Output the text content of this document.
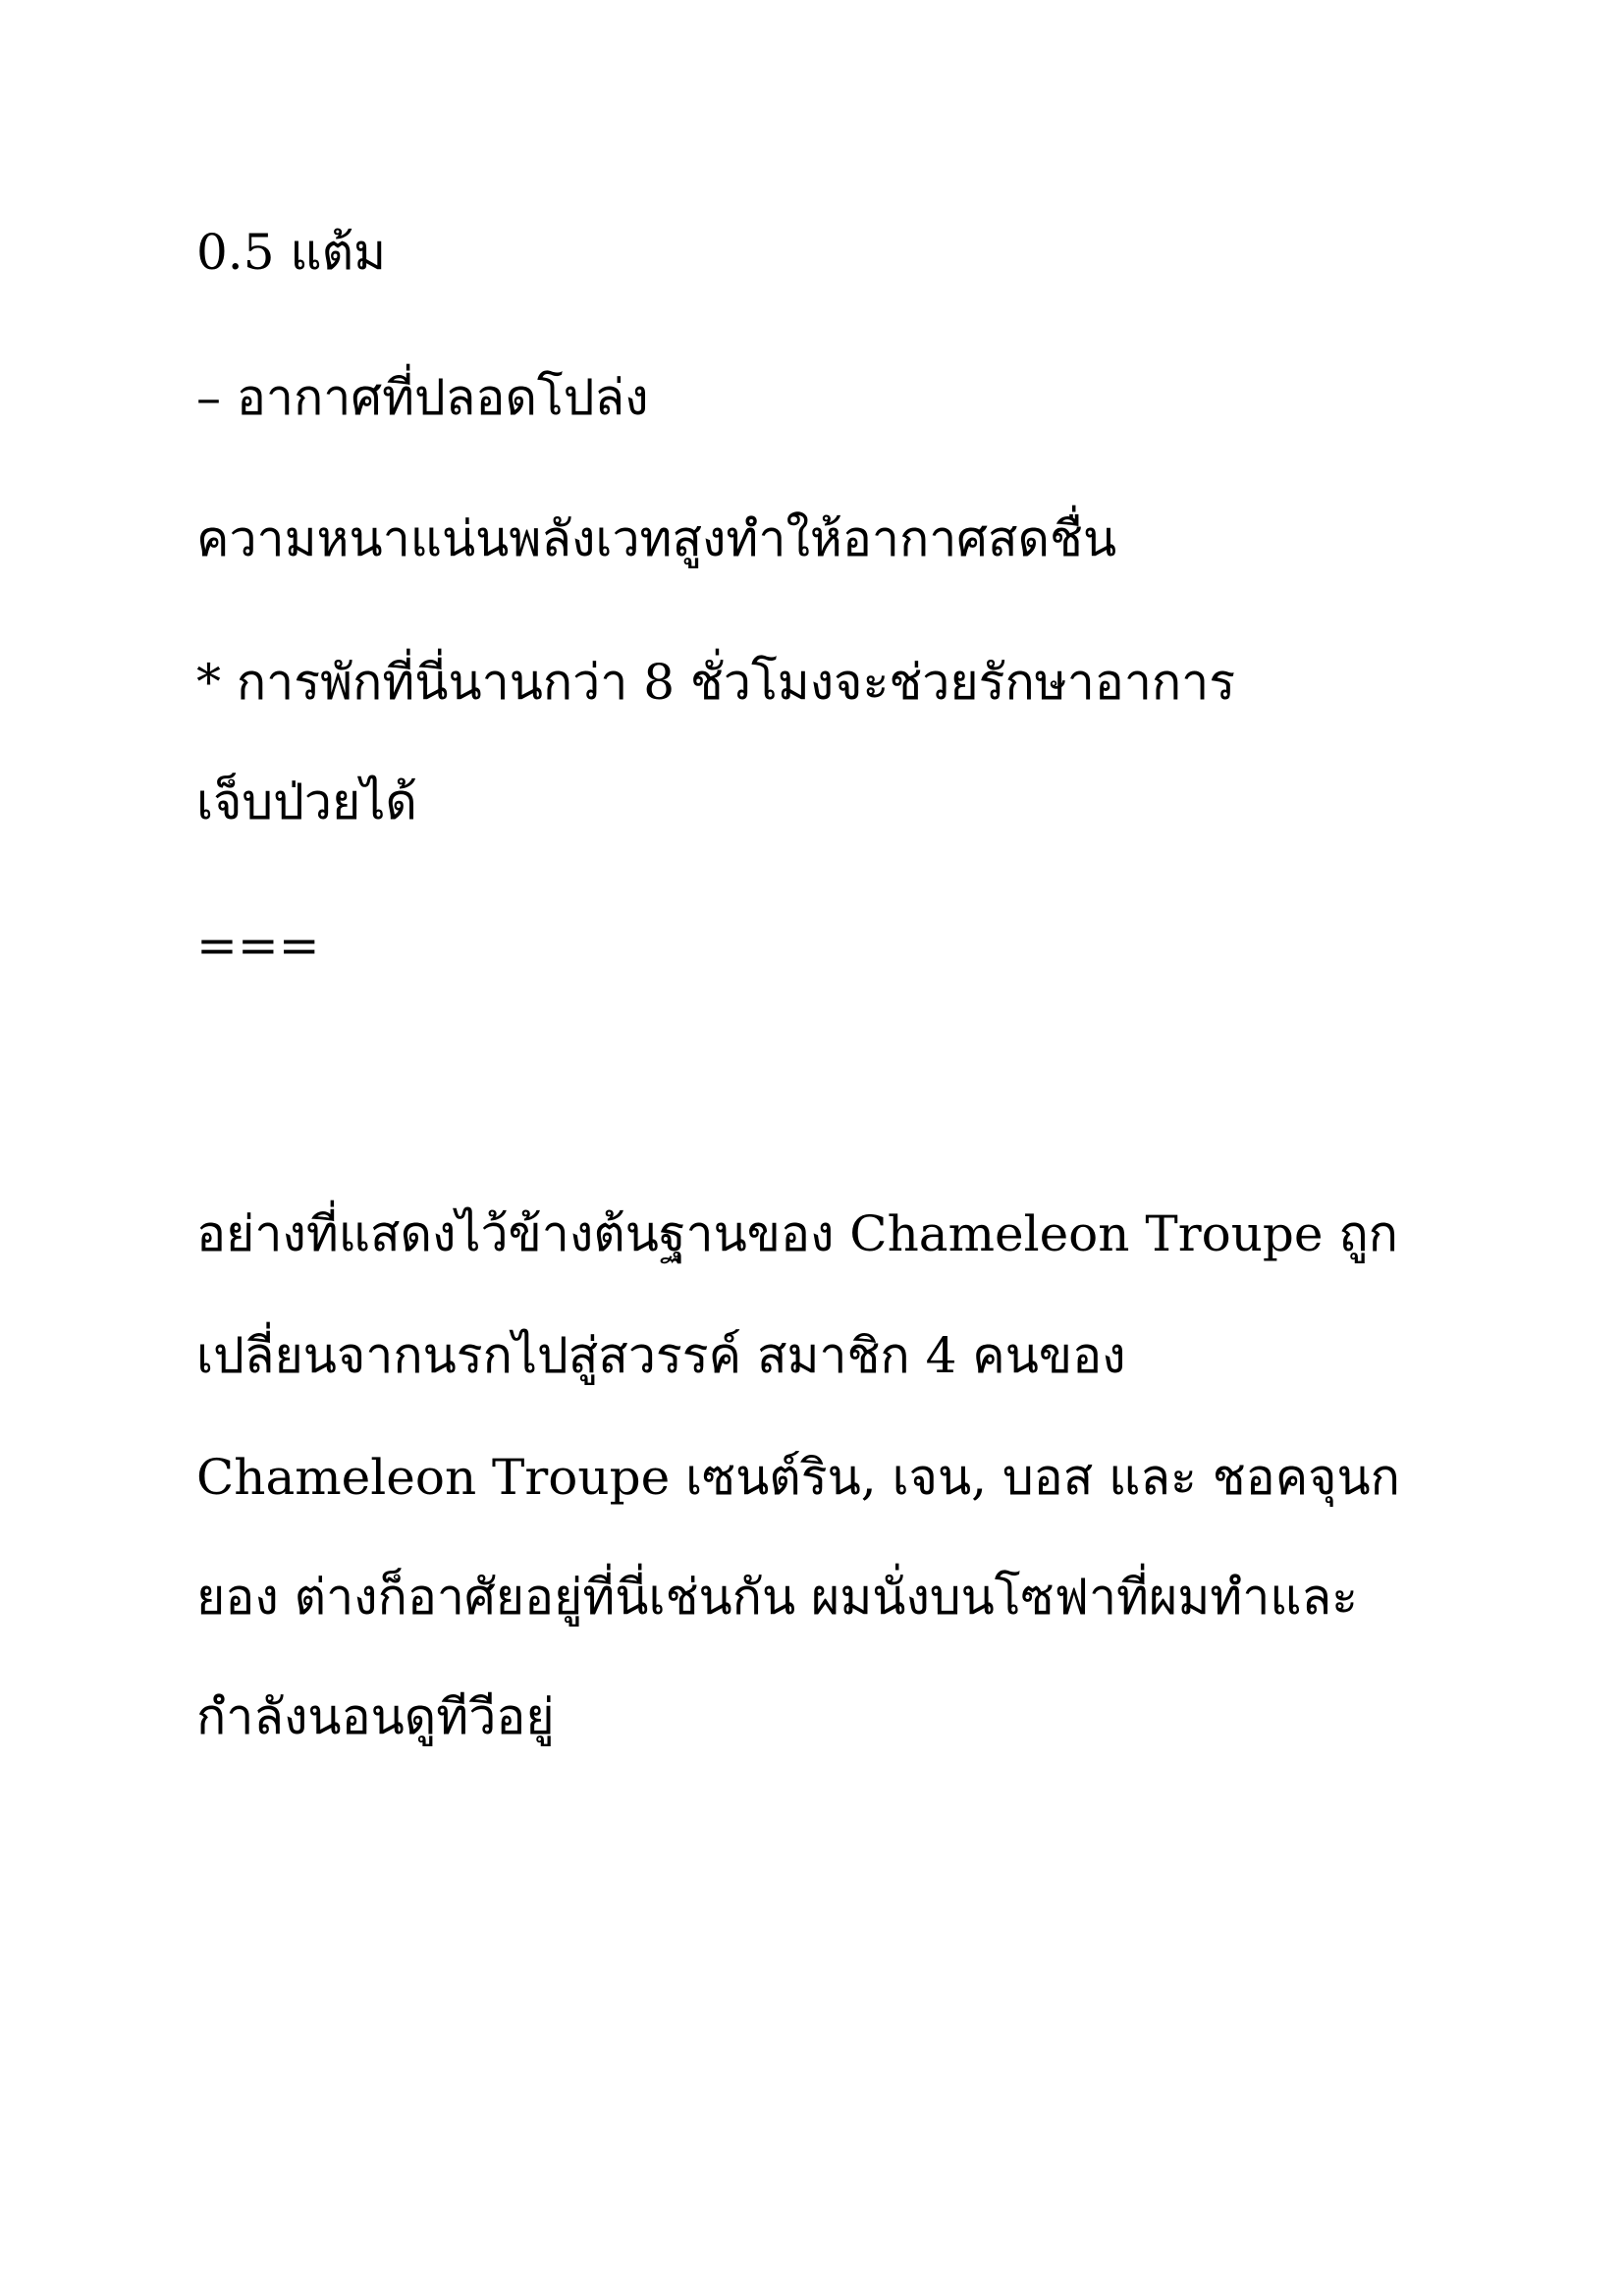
0.5 แต้ม

– อากาศที่ปลอดโปล่ง

ความหนาแน่นพลังเวทสูงทำให้อากาศสดชื่น

* การพักที่นี่นานกว่า 8 ชั่วโมงจะช่วยรักษาอาการ

เจ็บป่วยได้

===

อย่างที่แสดงไว้ข้างต้นฐานของ Chameleon Troupe ถูก

เปลี่ยนจากนรกไปสู่สวรรค์ สมาชิก 4 คนของ

Chameleon Troupe เซนต์ริน, เจน, บอส และ ชอคจุนก

ยอง ต่างก็อาศัยอยู่ที่นี่เช่นกัน ผมนั่งบนโซฟาที่ผมทำและ

กำลังนอนดูทีวีอยู่
